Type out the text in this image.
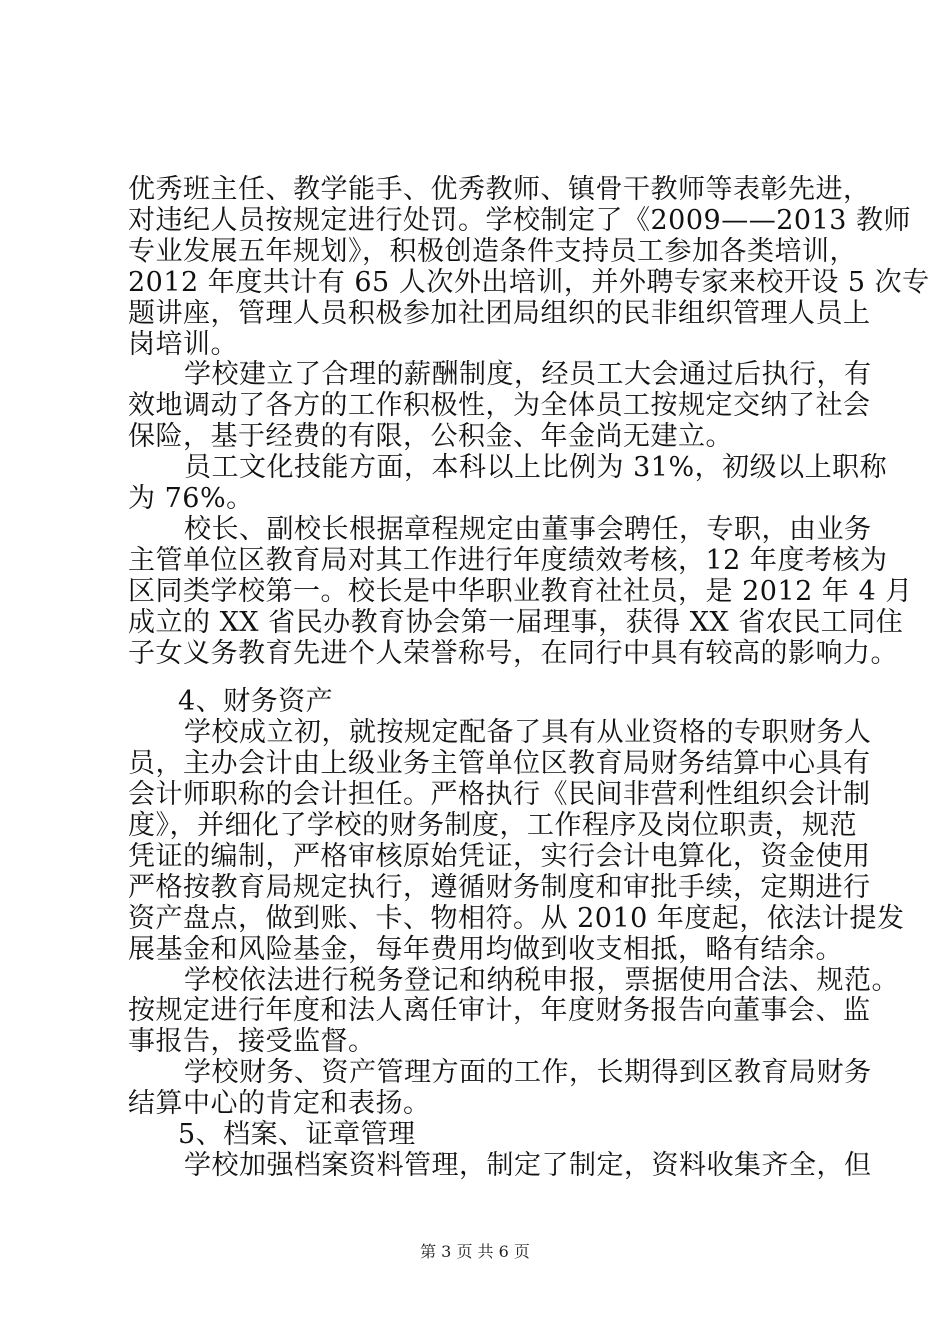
优秀班主任、教学能手、优秀教师、镇骨干教师等表彰先进，
对违纪人员按规定进行处罚。学校制定了《2009——2013 教师
专业发展五年规划》，积极创造条件支持员工参加各类培训，
2012 年度共计有 65 人次外出培训，并外聘专家来校开设 5 次专
题讲座，管理人员积极参加社团局组织的民非组织管理人员上
岗培训。
学校建立了合理的薪酬制度，经员工大会通过后执行，有
效地调动了各方的工作积极性，为全体员工按规定交纳了社会
保险，基于经费的有限，公积金、年金尚无建立。
员工文化技能方面，本科以上比例为 31%，初级以上职称
为 76%。
校长、副校长根据章程规定由董事会聘任，专职，由业务
主管单位区教育局对其工作进行年度绩效考核，12 年度考核为
区同类学校第一。校长是中华职业教育社社员，是 2012 年 4 月
成立的 XX 省民办教育协会第一届理事，获得 XX 省农民工同住
子女义务教育先进个人荣誉称号，在同行中具有较高的影响力。
4、财务资产
学校成立初，就按规定配备了具有从业资格的专职财务人
员，主办会计由上级业务主管单位区教育局财务结算中心具有
会计师职称的会计担任。严格执行《民间非营利性组织会计制
度》，并细化了学校的财务制度，工作程序及岗位职责，规范
凭证的编制，严格审核原始凭证，实行会计电算化，资金使用
严格按教育局规定执行，遵循财务制度和审批手续，定期进行
资产盘点，做到账、卡、物相符。从 2010 年度起，依法计提发
展基金和风险基金，每年费用均做到收支相抵，略有结余。
学校依法进行税务登记和纳税申报，票据使用合法、规范。
按规定进行年度和法人离任审计，年度财务报告向董事会、监
事报告，接受监督。
学校财务、资产管理方面的工作，长期得到区教育局财务
结算中心的肯定和表扬。
5、档案、证章管理
学校加强档案资料管理，制定了制定，资料收集齐全，但
第 3 页 共 6 页
